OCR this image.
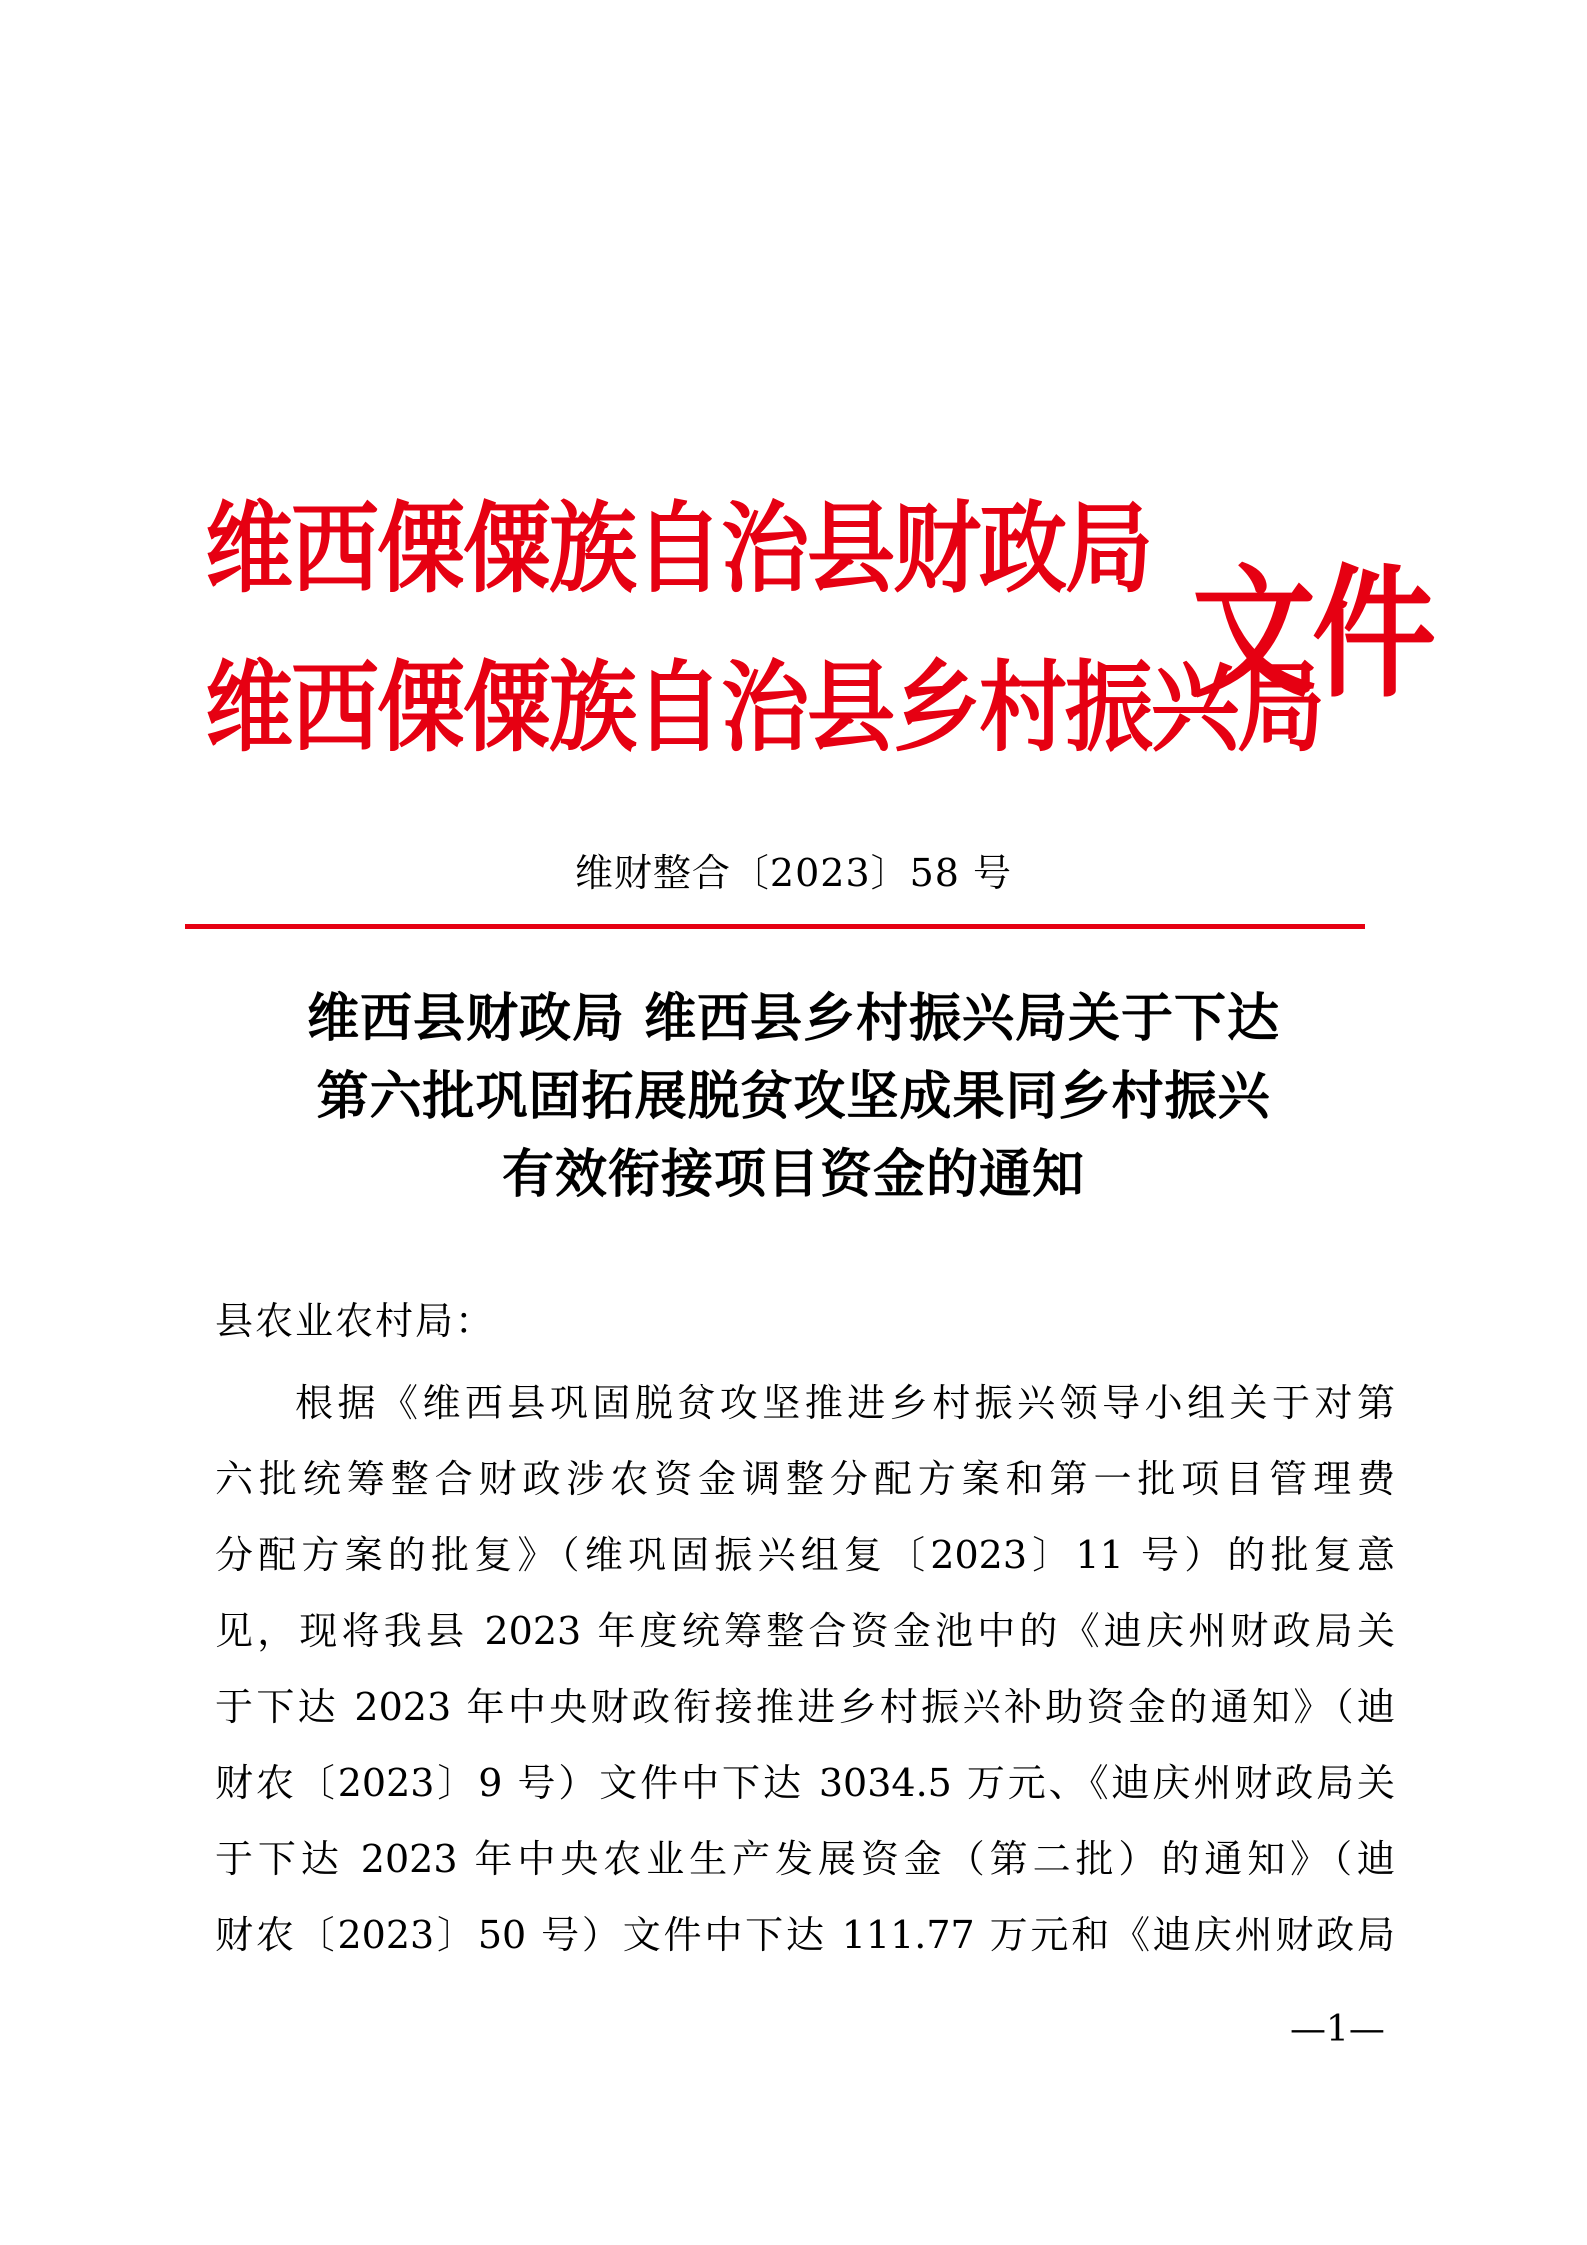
维西傈僳族自治县财政局
维西傈僳族自治县乡村振兴局
文件
维财整合〔2023〕58 号
维西县财政局 维西县乡村振兴局关于下达
第六批巩固拓展脱贫攻坚成果同乡村振兴
有效衔接项目资金的通知
县农业农村局：
根据《维西县巩固脱贫攻坚推进乡村振兴领导小组关于对第
六批统筹整合财政涉农资金调整分配方案和第一批项目管理费
分配方案的批复》（维巩固振兴组复〔2023〕11 号）的批复意
见，现将我县 2023 年度统筹整合资金池中的《迪庆州财政局关
于下达 2023 年中央财政衔接推进乡村振兴补助资金的通知》（迪
财农〔2023〕9 号）文件中下达 3034.5 万元、《迪庆州财政局关
于下达 2023 年中央农业生产发展资金（第二批）的通知》（迪
财农〔2023〕50 号）文件中下达 111.77 万元和《迪庆州财政局
—1—
